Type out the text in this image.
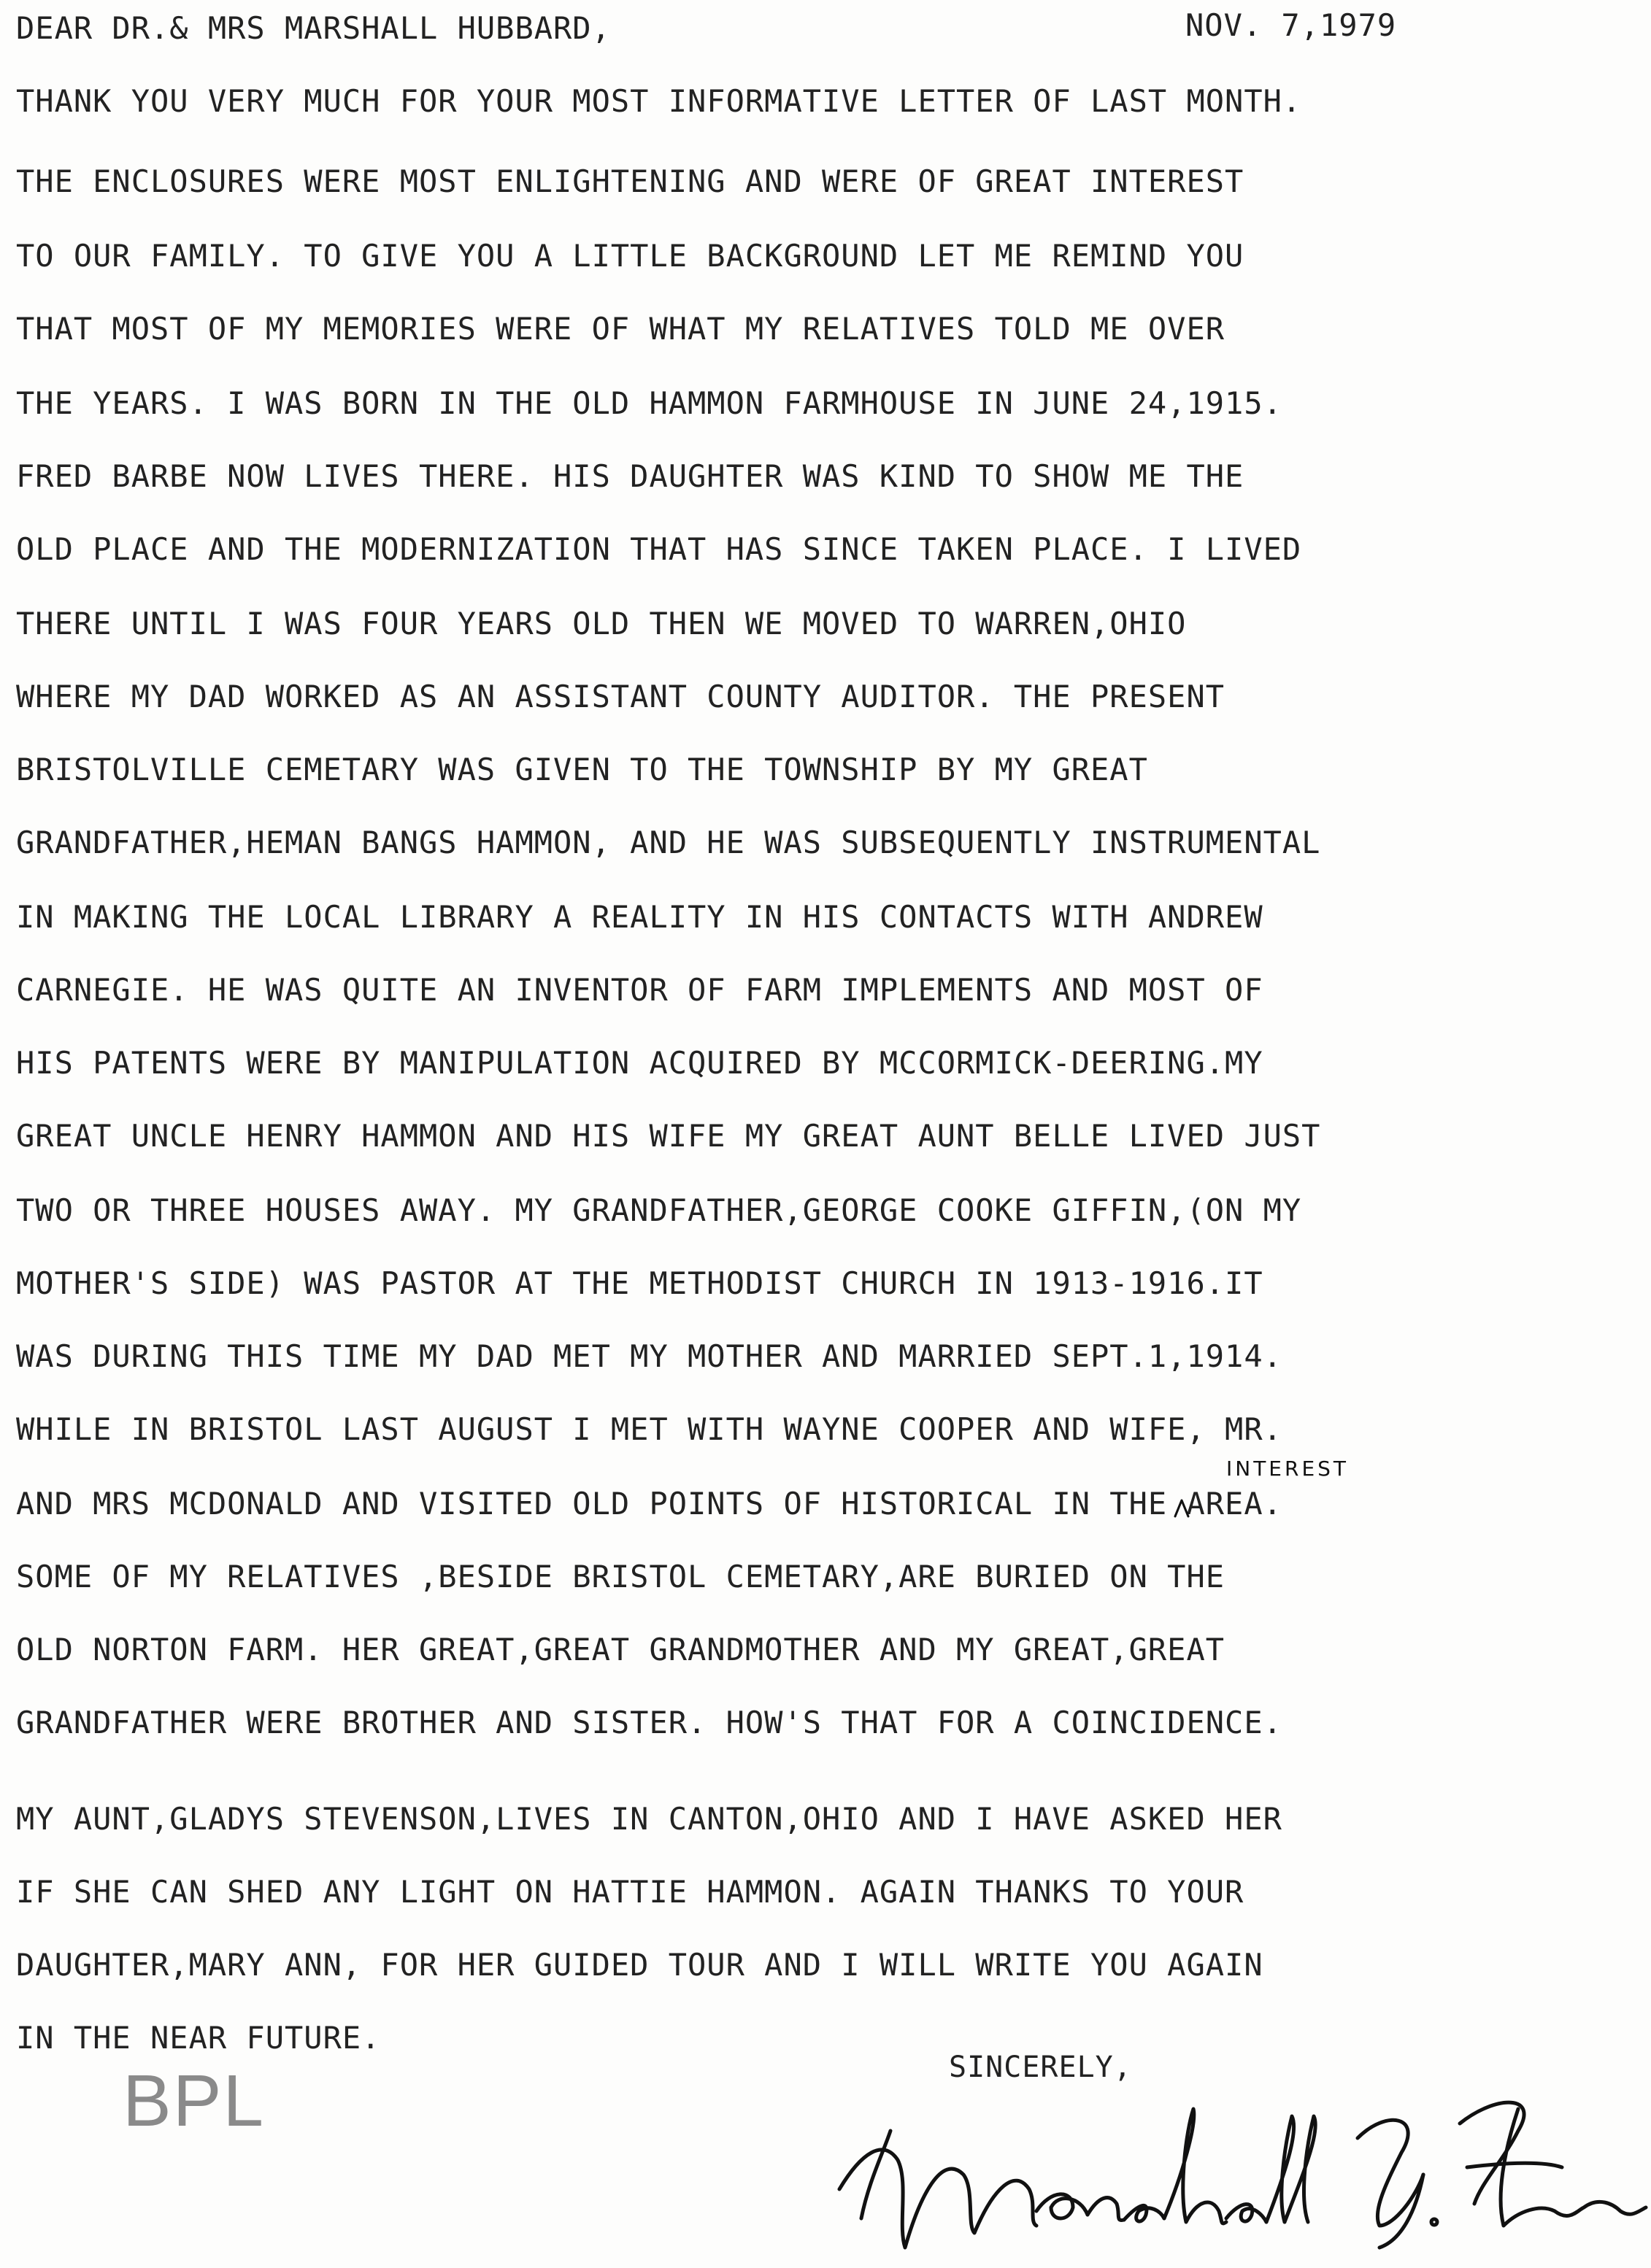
DEAR DR.& MRS MARSHALL HUBBARD,	NOV. 7,1979
THANK YOU VERY MUCH FOR YOUR MOST INFORMATIVE LETTER OF LAST MONTH.
THE ENCLOSURES WERE MOST ENLIGHTENING AND WERE OF GREAT INTEREST
TO OUR FAMILY. TO GIVE YOU A LITTLE BACKGROUND LET ME REMIND YOU
THAT MOST OF MY MEMORIES WERE OF WHAT MY RELATIVES TOLD ME OVER
THE YEARS. I WAS BORN IN THE OLD HAMMON FARMHOUSE IN JUNE 24,1915.
FRED BARBE NOW LIVES THERE. HIS DAUGHTER WAS KIND TO SHOW ME THE
OLD PLACE AND THE MODERNIZATION THAT HAS SINCE TAKEN PLACE. I LIVED
THERE UNTIL I WAS FOUR YEARS OLD THEN WE MOVED TO WARREN,OHIO
WHERE MY DAD WORKED AS AN ASSISTANT COUNTY AUDITOR. THE PRESENT
BRISTOLVILLE CEMETARY WAS GIVEN TO THE TOWNSHIP BY MY GREAT
GRANDFATHER,HEMAN BANGS HAMMON, AND HE WAS SUBSEQUENTLY INSTRUMENTAL
IN MAKING THE LOCAL LIBRARY A REALITY IN HIS CONTACTS WITH ANDREW
CARNEGIE. HE WAS QUITE AN INVENTOR OF FARM IMPLEMENTS AND MOST OF
HIS PATENTS WERE BY MANIPULATION ACQUIRED BY MCCORMICK-DEERING.MY
GREAT UNCLE HENRY HAMMON AND HIS WIFE MY GREAT AUNT BELLE LIVED JUST
TWO OR THREE HOUSES AWAY. MY GRANDFATHER,GEORGE COOKE GIFFIN,(ON MY
MOTHER'S SIDE) WAS PASTOR AT THE METHODIST CHURCH IN 1913-1916.IT
WAS DURING THIS TIME MY DAD MET MY MOTHER AND MARRIED SEPT.1,1914.
WHILE IN BRISTOL LAST AUGUST I MET WITH WAYNE COOPER AND WIFE, MR.
AND MRS MCDONALD AND VISITED OLD POINTS OF HISTORICAL IN THE AREA.
SOME OF MY RELATIVES ,BESIDE BRISTOL CEMETARY,ARE BURIED ON THE
OLD NORTON FARM. HER GREAT,GREAT GRANDMOTHER AND MY GREAT,GREAT
GRANDFATHER WERE BROTHER AND SISTER. HOW'S THAT FOR A COINCIDENCE.
MY AUNT,GLADYS STEVENSON,LIVES IN CANTON,OHIO AND I HAVE ASKED HER
IF SHE CAN SHED ANY LIGHT ON HATTIE HAMMON. AGAIN THANKS TO YOUR
DAUGHTER,MARY ANN, FOR HER GUIDED TOUR AND I WILL WRITE YOU AGAIN
IN THE NEAR FUTURE.
INTEREST
SINCERELY,
BPL
